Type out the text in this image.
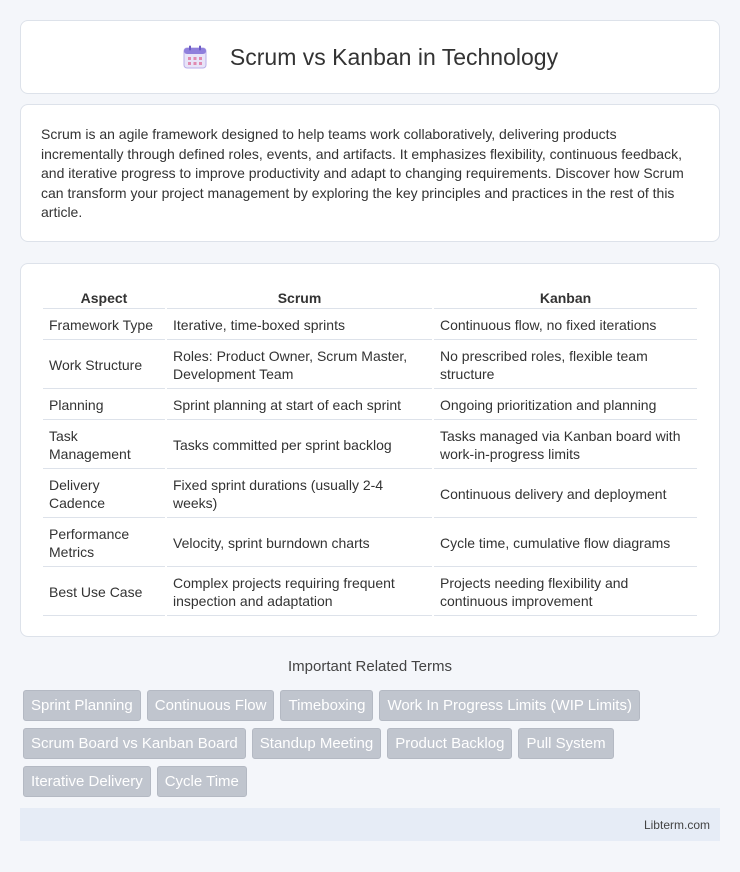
Scrum vs Kanban in Technology

Scrum is an agile framework designed to help teams work collaboratively, delivering products incrementally through defined roles, events, and artifacts. It emphasizes flexibility, continuous feedback, and iterative progress to improve productivity and adapt to changing requirements. Discover how Scrum can transform your project management by exploring the key principles and practices in the rest of this article.

Aspect	Scrum	Kanban
Framework Type	Iterative, time-boxed sprints	Continuous flow, no fixed iterations
Work Structure	Roles: Product Owner, Scrum Master, Development Team	No prescribed roles, flexible team structure
Planning	Sprint planning at start of each sprint	Ongoing prioritization and planning
Task Management	Tasks committed per sprint backlog	Tasks managed via Kanban board with work-in-progress limits
Delivery Cadence	Fixed sprint durations (usually 2-4 weeks)	Continuous delivery and deployment
Performance Metrics	Velocity, sprint burndown charts	Cycle time, cumulative flow diagrams
Best Use Case	Complex projects requiring frequent inspection and adaptation	Projects needing flexibility and continuous improvement
Important Related Terms
Sprint Planning Continuous Flow Timeboxing Work In Progress Limits (WIP Limits)
Scrum Board vs Kanban Board Standup Meeting Product Backlog Pull System
Iterative Delivery Cycle Time
Libterm.com
